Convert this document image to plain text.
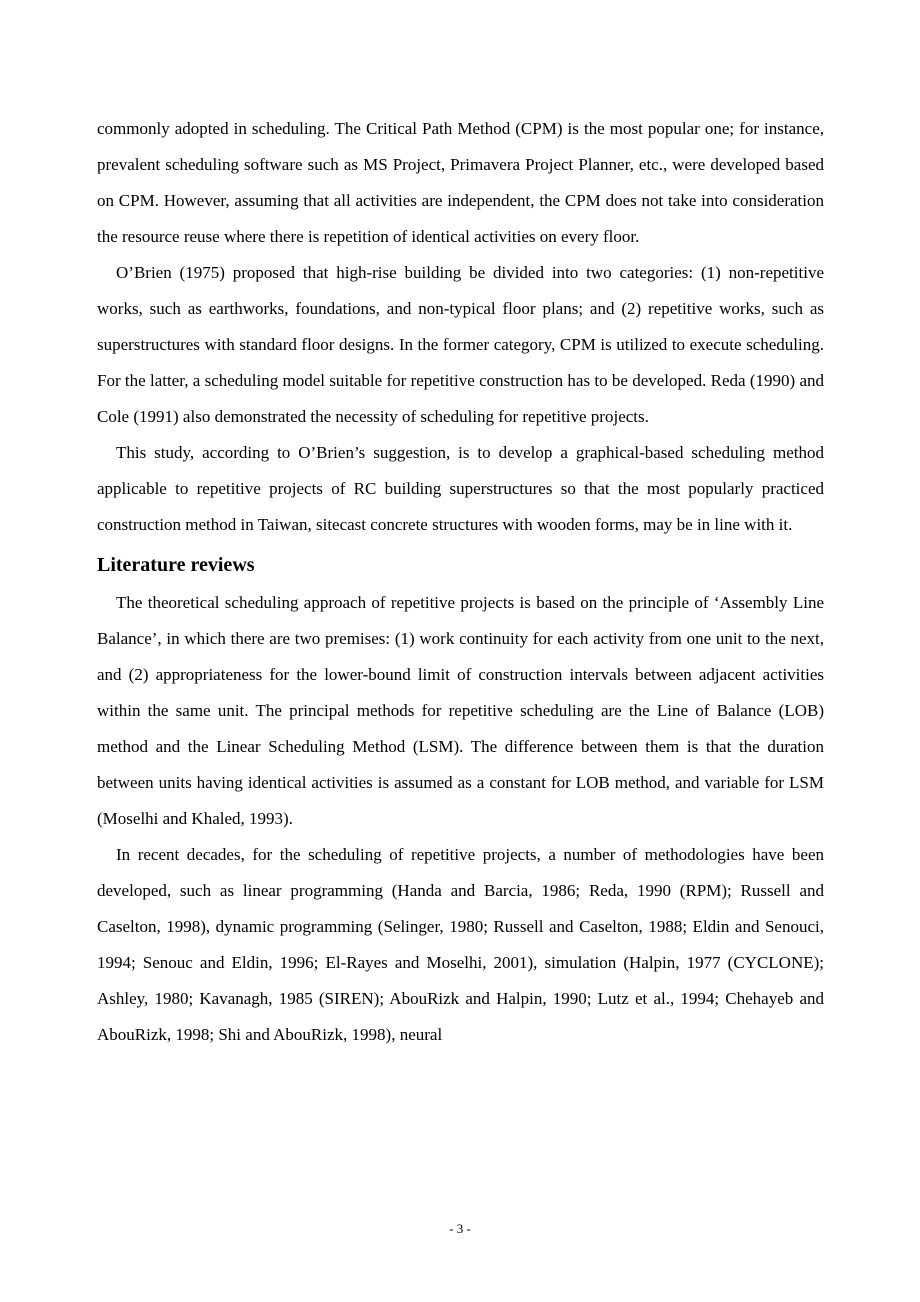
commonly adopted in scheduling. The Critical Path Method (CPM) is the most popular one; for instance, prevalent scheduling software such as MS Project, Primavera Project Planner, etc., were developed based on CPM. However, assuming that all activities are independent, the CPM does not take into consideration the resource reuse where there is repetition of identical activities on every floor.

O’Brien (1975) proposed that high-rise building be divided into two categories: (1) non-repetitive works, such as earthworks, foundations, and non-typical floor plans; and (2) repetitive works, such as superstructures with standard floor designs. In the former category, CPM is utilized to execute scheduling. For the latter, a scheduling model suitable for repetitive construction has to be developed. Reda (1990) and Cole (1991) also demonstrated the necessity of scheduling for repetitive projects.

This study, according to O’Brien’s suggestion, is to develop a graphical-based scheduling method applicable to repetitive projects of RC building superstructures so that the most popularly practiced construction method in Taiwan, sitecast concrete structures with wooden forms, may be in line with it.

Literature reviews

The theoretical scheduling approach of repetitive projects is based on the principle of ‘Assembly Line Balance’, in which there are two premises: (1) work continuity for each activity from one unit to the next, and (2) appropriateness for the lower-bound limit of construction intervals between adjacent activities within the same unit. The principal methods for repetitive scheduling are the Line of Balance (LOB) method and the Linear Scheduling Method (LSM). The difference between them is that the duration between units having identical activities is assumed as a constant for LOB method, and variable for LSM (Moselhi and Khaled, 1993).

In recent decades, for the scheduling of repetitive projects, a number of methodologies have been developed, such as linear programming (Handa and Barcia, 1986; Reda, 1990 (RPM); Russell and Caselton, 1998), dynamic programming (Selinger, 1980; Russell and Caselton, 1988; Eldin and Senouci, 1994; Senouc and Eldin, 1996; El-Rayes and Moselhi, 2001), simulation (Halpin, 1977 (CYCLONE); Ashley, 1980; Kavanagh, 1985 (SIREN); AbouRizk and Halpin, 1990; Lutz et al., 1994; Chehayeb and AbouRizk, 1998; Shi and AbouRizk, 1998), neural

- 3 -
